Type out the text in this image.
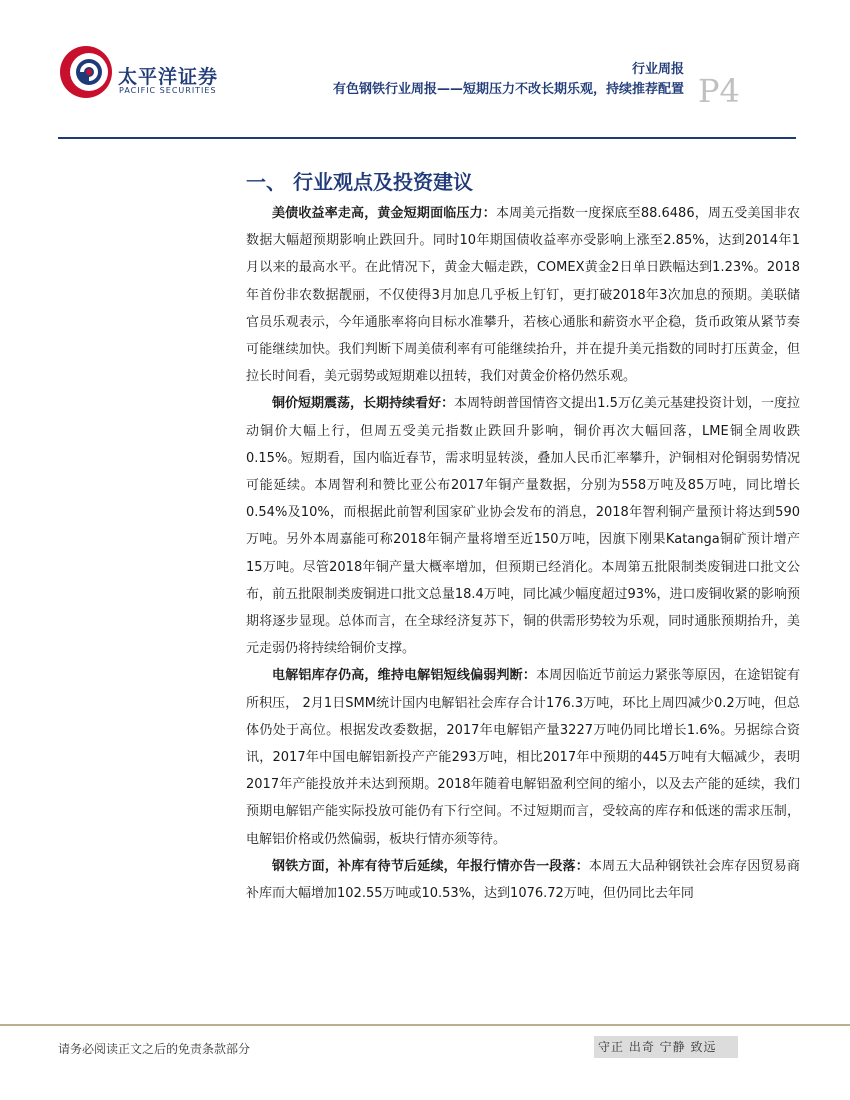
太平洋证券
PACIFIC SECURITIES
行业周报
有色钢铁行业周报——短期压力不改长期乐观，持续推荐配置 P4
一、 行业观点及投资建议

美债收益率走高，黄金短期面临压力：本周美元指数一度探底至88.6486，周五受美国非农数据大幅超预期影响止跌回升。同时10年期国债收益率亦受影响上涨至2.85%，达到2014年1月以来的最高水平。在此情况下，黄金大幅走跌，COMEX黄金2日单日跌幅达到1.23%。2018年首份非农数据靓丽，不仅使得3月加息几乎板上钉钉，更打破2018年3次加息的预期。美联储官员乐观表示，今年通胀率将向目标水准攀升，若核心通胀和薪资水平企稳，货币政策从紧节奏可能继续加快。我们判断下周美债利率有可能继续抬升，并在提升美元指数的同时打压黄金，但拉长时间看，美元弱势或短期难以扭转，我们对黄金价格仍然乐观。

铜价短期震荡，长期持续看好：本周特朗普国情咨文提出1.5万亿美元基建投资计划，一度拉动铜价大幅上行，但周五受美元指数止跌回升影响，铜价再次大幅回落，LME铜全周收跌0.15%。短期看，国内临近春节，需求明显转淡，叠加人民币汇率攀升，沪铜相对伦铜弱势情况可能延续。本周智利和赞比亚公布2017年铜产量数据，分别为558万吨及85万吨，同比增长0.54%及10%，而根据此前智利国家矿业协会发布的消息，2018年智利铜产量预计将达到590万吨。另外本周嘉能可称2018年铜产量将增至近150万吨，因旗下刚果Katanga铜矿预计增产15万吨。尽管2018年铜产量大概率增加，但预期已经消化。本周第五批限制类废铜进口批文公布，前五批限制类废铜进口批文总量18.4万吨，同比减少幅度超过93%，进口废铜收紧的影响预期将逐步显现。总体而言，在全球经济复苏下，铜的供需形势较为乐观，同时通胀预期抬升，美元走弱仍将持续给铜价支撑。

电解铝库存仍高，维持电解铝短线偏弱判断：本周因临近节前运力紧张等原因，在途铝锭有所积压， 2月1日SMM统计国内电解铝社会库存合计176.3万吨，环比上周四减少0.2万吨，但总体仍处于高位。根据发改委数据，2017年电解铝产量3227万吨仍同比增长1.6%。另据综合资讯，2017年中国电解铝新投产产能293万吨，相比2017年中预期的445万吨有大幅减少，表明2017年产能投放并未达到预期。2018年随着电解铝盈利空间的缩小，以及去产能的延续，我们预期电解铝产能实际投放可能仍有下行空间。不过短期而言，受较高的库存和低迷的需求压制，电解铝价格或仍然偏弱，板块行情亦须等待。

钢铁方面，补库有待节后延续，年报行情亦告一段落：本周五大品种钢铁社会库存因贸易商补库而大幅增加102.55万吨或10.53%，达到1076.72万吨，但仍同比去年同

请务必阅读正文之后的免责条款部分	守正 出奇 宁静 致远
